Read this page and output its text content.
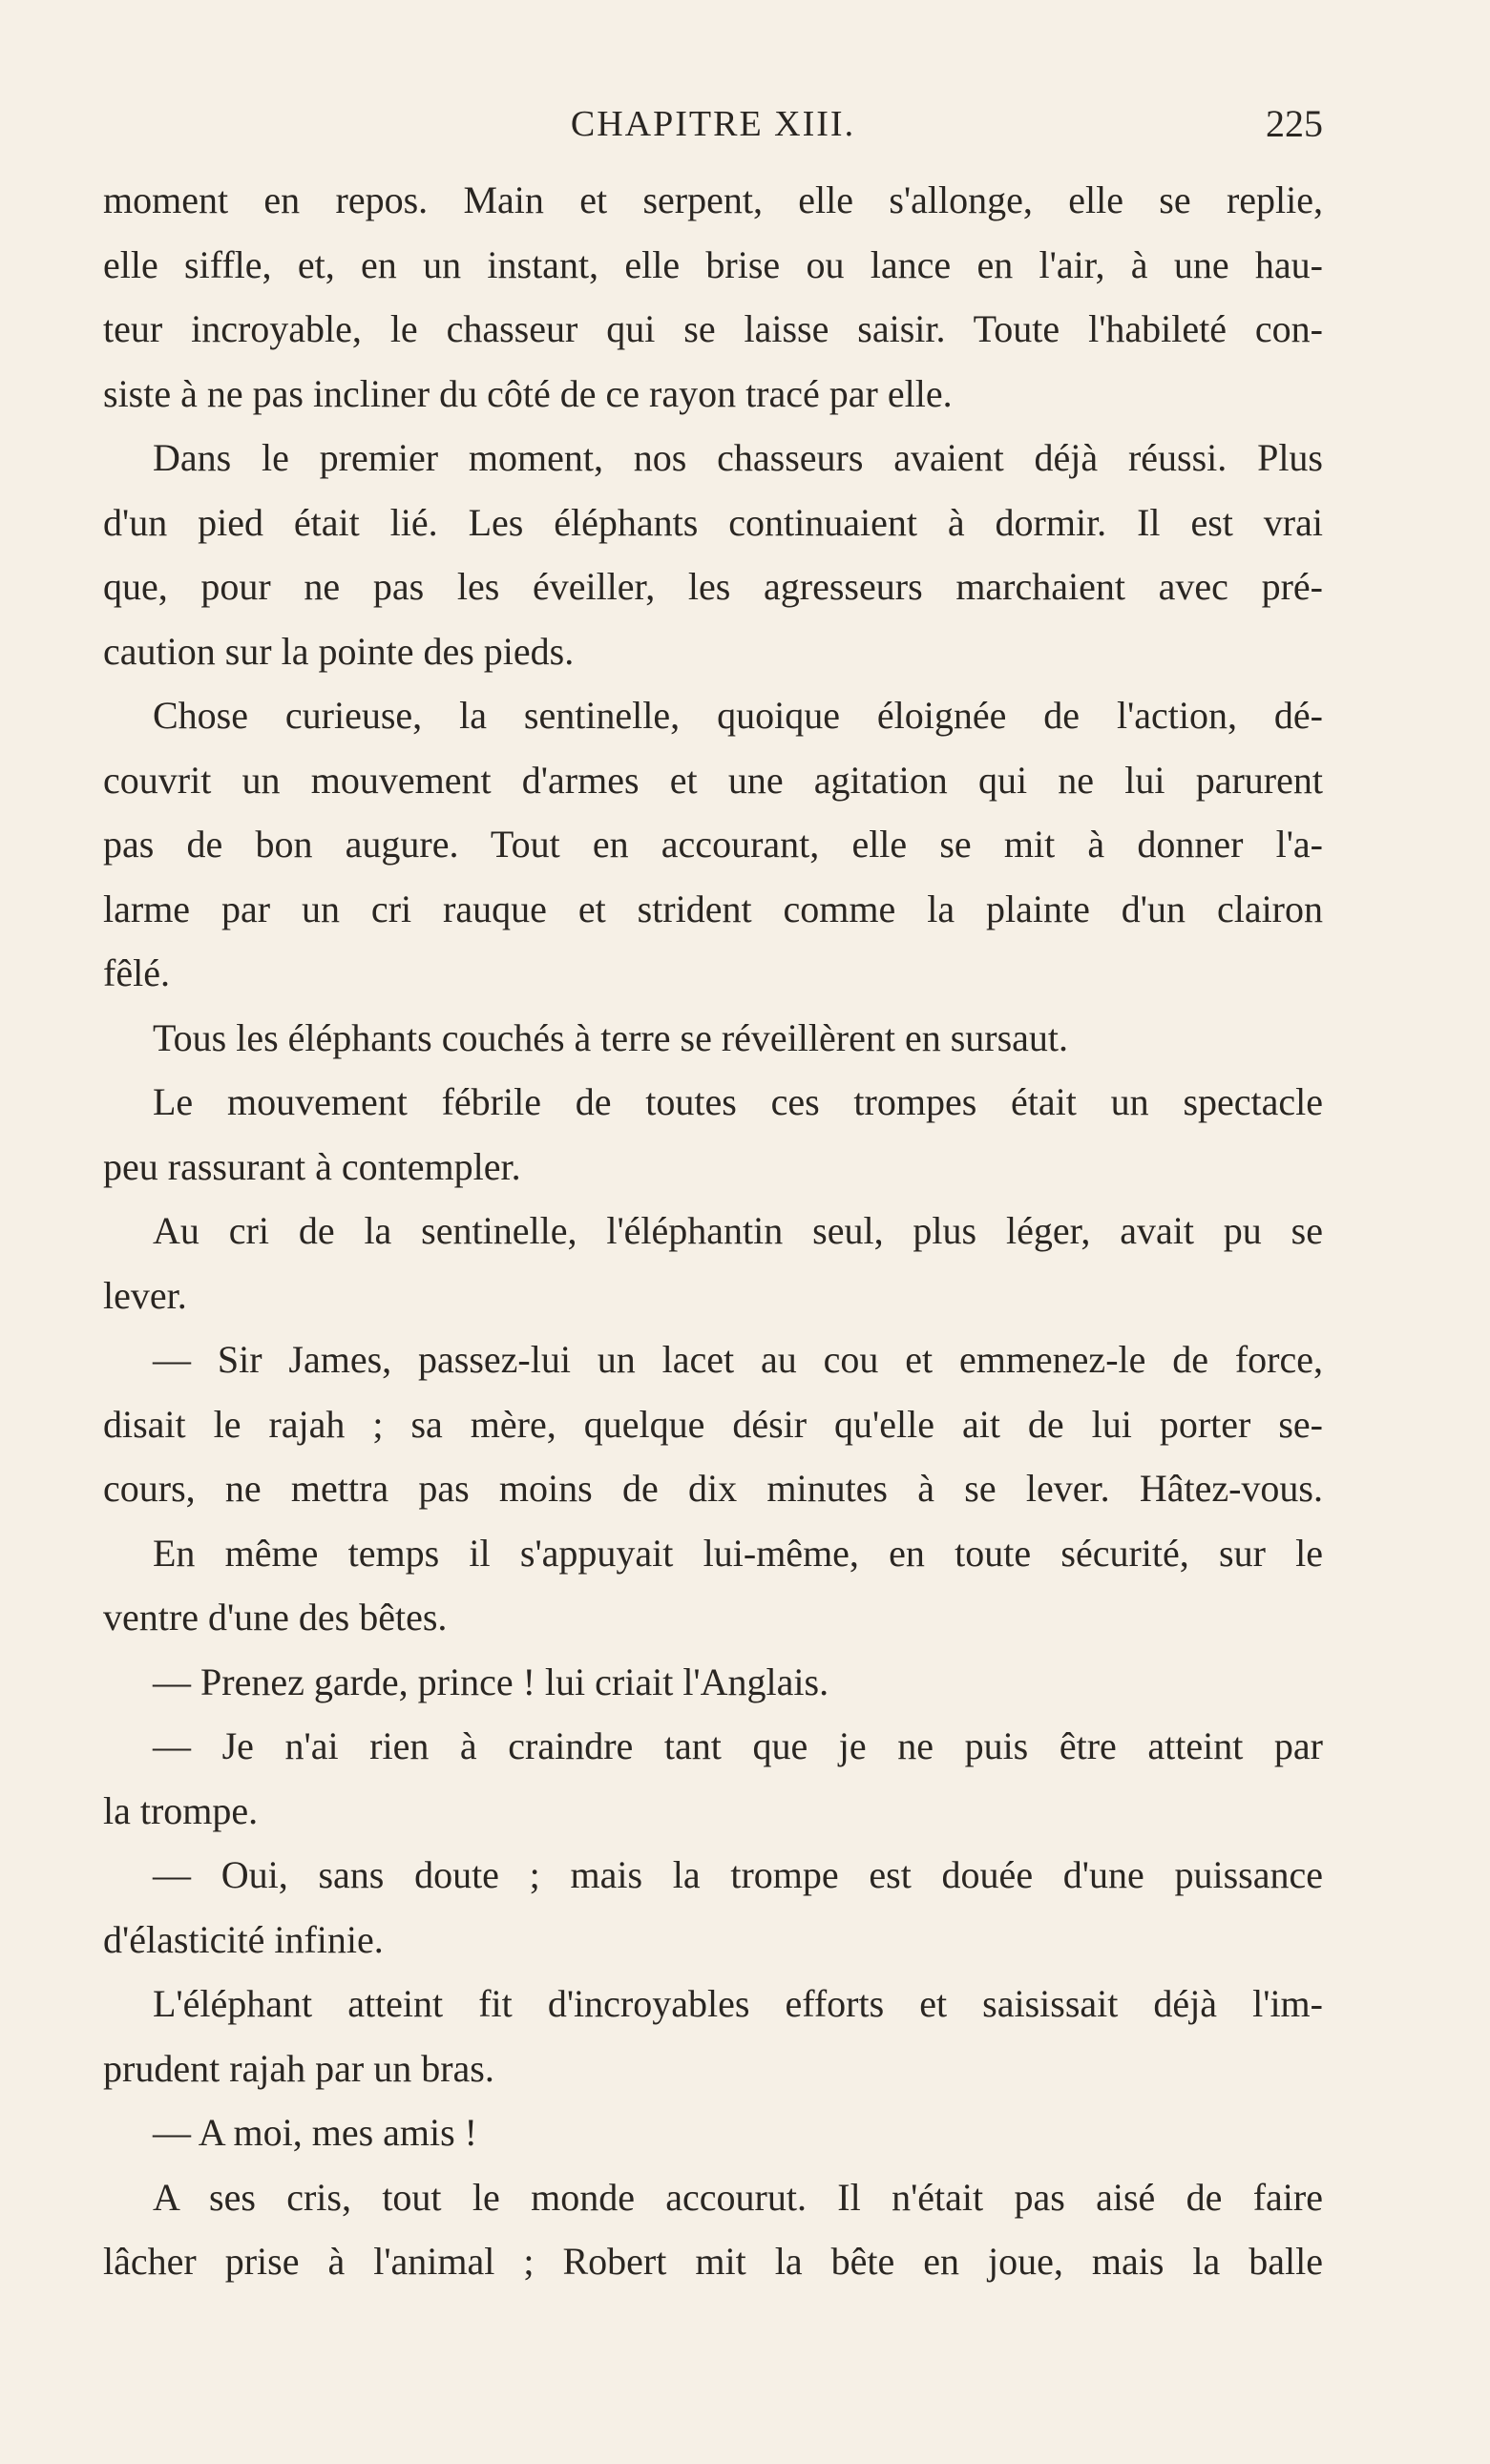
CHAPITRE XIII.	225
moment en repos. Main et serpent, elle s'allonge, elle se replie,
elle siffle, et, en un instant, elle brise ou lance en l'air, à une hau-
teur incroyable, le chasseur qui se laisse saisir. Toute l'habileté con-
siste à ne pas incliner du côté de ce rayon tracé par elle.
Dans le premier moment, nos chasseurs avaient déjà réussi. Plus
d'un pied était lié. Les éléphants continuaient à dormir. Il est vrai
que, pour ne pas les éveiller, les agresseurs marchaient avec pré-
caution sur la pointe des pieds.
Chose curieuse, la sentinelle, quoique éloignée de l'action, dé-
couvrit un mouvement d'armes et une agitation qui ne lui parurent
pas de bon augure. Tout en accourant, elle se mit à donner l'a-
larme par un cri rauque et strident comme la plainte d'un clairon
fêlé.
Tous les éléphants couchés à terre se réveillèrent en sursaut.
Le mouvement fébrile de toutes ces trompes était un spectacle
peu rassurant à contempler.
Au cri de la sentinelle, l'éléphantin seul, plus léger, avait pu se
lever.
— Sir James, passez-lui un lacet au cou et emmenez-le de force,
disait le rajah ; sa mère, quelque désir qu'elle ait de lui porter se-
cours, ne mettra pas moins de dix minutes à se lever. Hâtez-vous.
En même temps il s'appuyait lui-même, en toute sécurité, sur le
ventre d'une des bêtes.
— Prenez garde, prince ! lui criait l'Anglais.
— Je n'ai rien à craindre tant que je ne puis être atteint par
la trompe.
— Oui, sans doute ; mais la trompe est douée d'une puissance
d'élasticité infinie.
L'éléphant atteint fit d'incroyables efforts et saisissait déjà l'im-
prudent rajah par un bras.
— A moi, mes amis !
A ses cris, tout le monde accourut. Il n'était pas aisé de faire
lâcher prise à l'animal ; Robert mit la bête en joue, mais la balle
